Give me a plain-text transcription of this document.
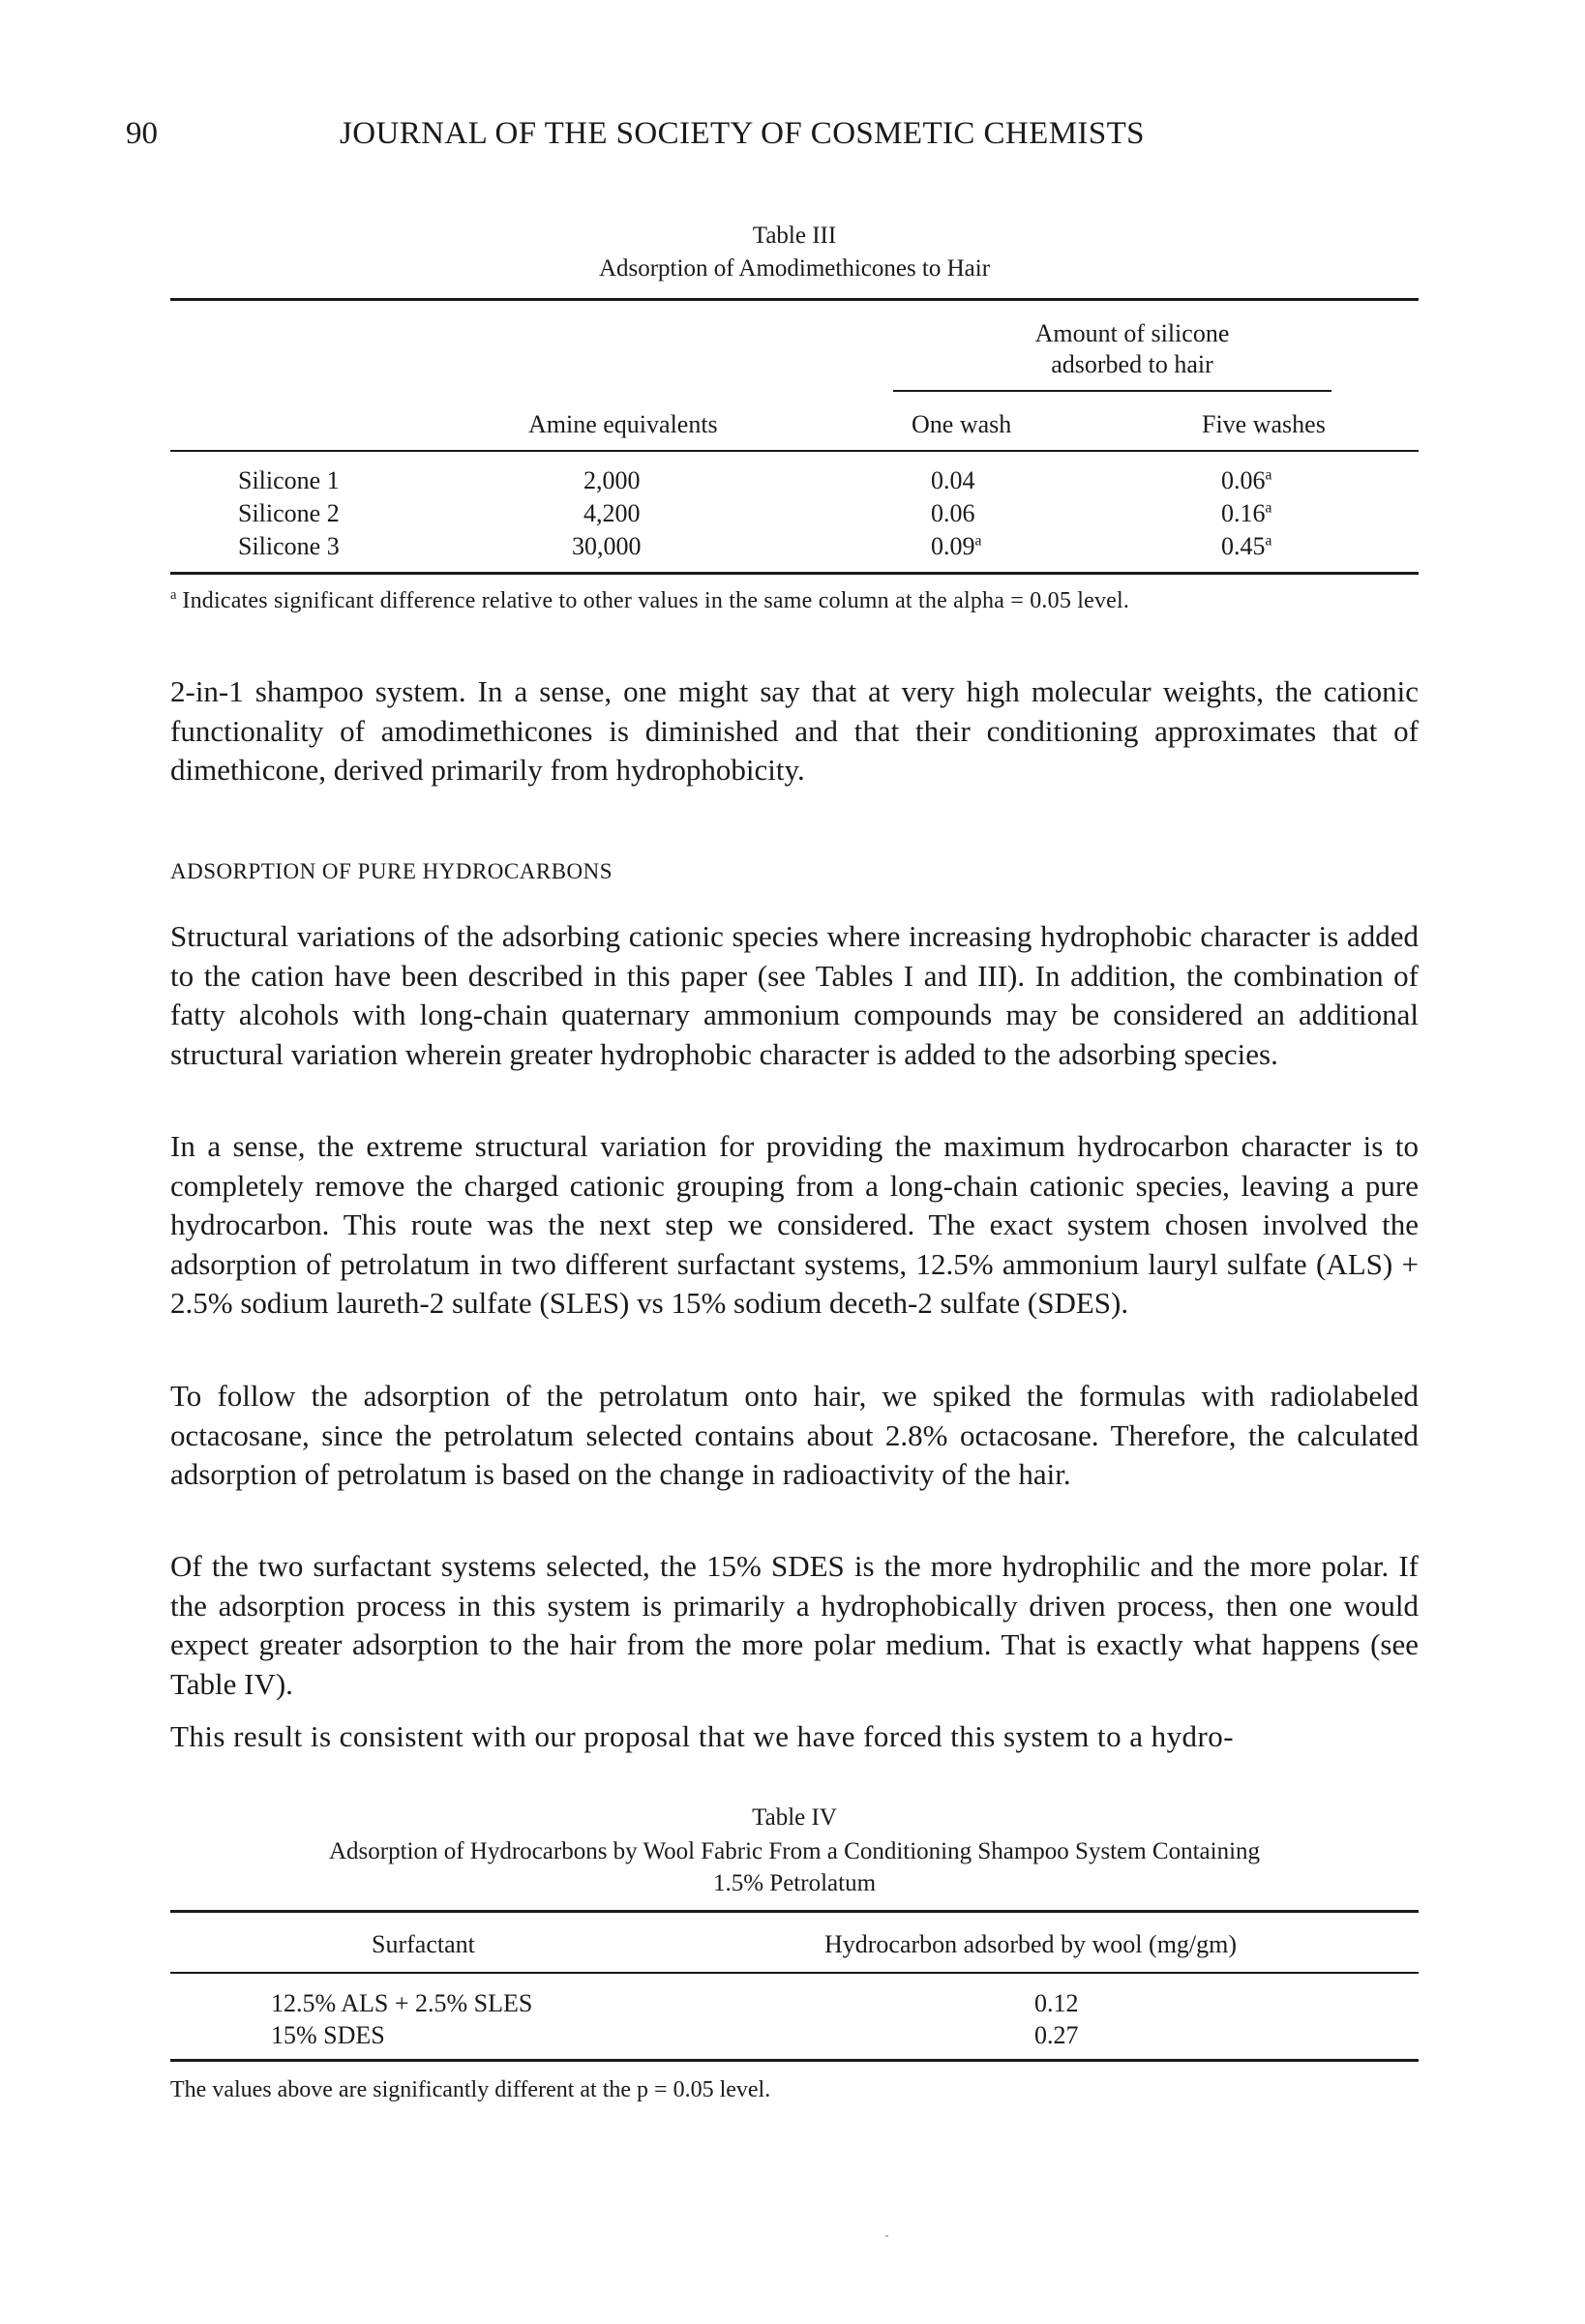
90	JOURNAL OF THE SOCIETY OF COSMETIC CHEMISTS
Table III
Adsorption of Amodimethicones to Hair
Amount of silicone
adsorbed to hair
Amine equivalents	One wash	Five washes
Silicone 1	2,000	0.04	0.06$^a$
Silicone 2	4,200	0.06	0.16$^a$
Silicone 3	30,000	0.09$^a$	0.45$^a$
$^a$ Indicates significant difference relative to other values in the same column at the alpha = 0.05 level.
2-in-1 shampoo system. In a sense, one might say that at very high molecular weights, the cationic functionality of amodimethicones is diminished and that their conditioning approximates that of dimethicone, derived primarily from hydrophobicity.
ADSORPTION OF PURE HYDROCARBONS
Structural variations of the adsorbing cationic species where increasing hydrophobic character is added to the cation have been described in this paper (see Tables I and III). In addition, the combination of fatty alcohols with long-chain quaternary ammonium compounds may be considered an additional structural variation wherein greater hydrophobic character is added to the adsorbing species.
In a sense, the extreme structural variation for providing the maximum hydrocarbon character is to completely remove the charged cationic grouping from a long-chain cationic species, leaving a pure hydrocarbon. This route was the next step we considered. The exact system chosen involved the adsorption of petrolatum in two different surfactant systems, 12.5% ammonium lauryl sulfate (ALS) + 2.5% sodium laureth-2 sulfate (SLES) vs 15% sodium deceth-2 sulfate (SDES).
To follow the adsorption of the petrolatum onto hair, we spiked the formulas with radiolabeled octacosane, since the petrolatum selected contains about 2.8% octacosane. Therefore, the calculated adsorption of petrolatum is based on the change in radioactivity of the hair.
Of the two surfactant systems selected, the 15% SDES is the more hydrophilic and the more polar. If the adsorption process in this system is primarily a hydrophobically driven process, then one would expect greater adsorption to the hair from the more polar medium. That is exactly what happens (see Table IV).
This result is consistent with our proposal that we have forced this system to a hydro-
Table IV
Adsorption of Hydrocarbons by Wool Fabric From a Conditioning Shampoo System Containing
1.5% Petrolatum
Surfactant	Hydrocarbon adsorbed by wool (mg/gm)
12.5% ALS + 2.5% SLES	0.12
15% SDES	0.27
The values above are significantly different at the p = 0.05 level.
